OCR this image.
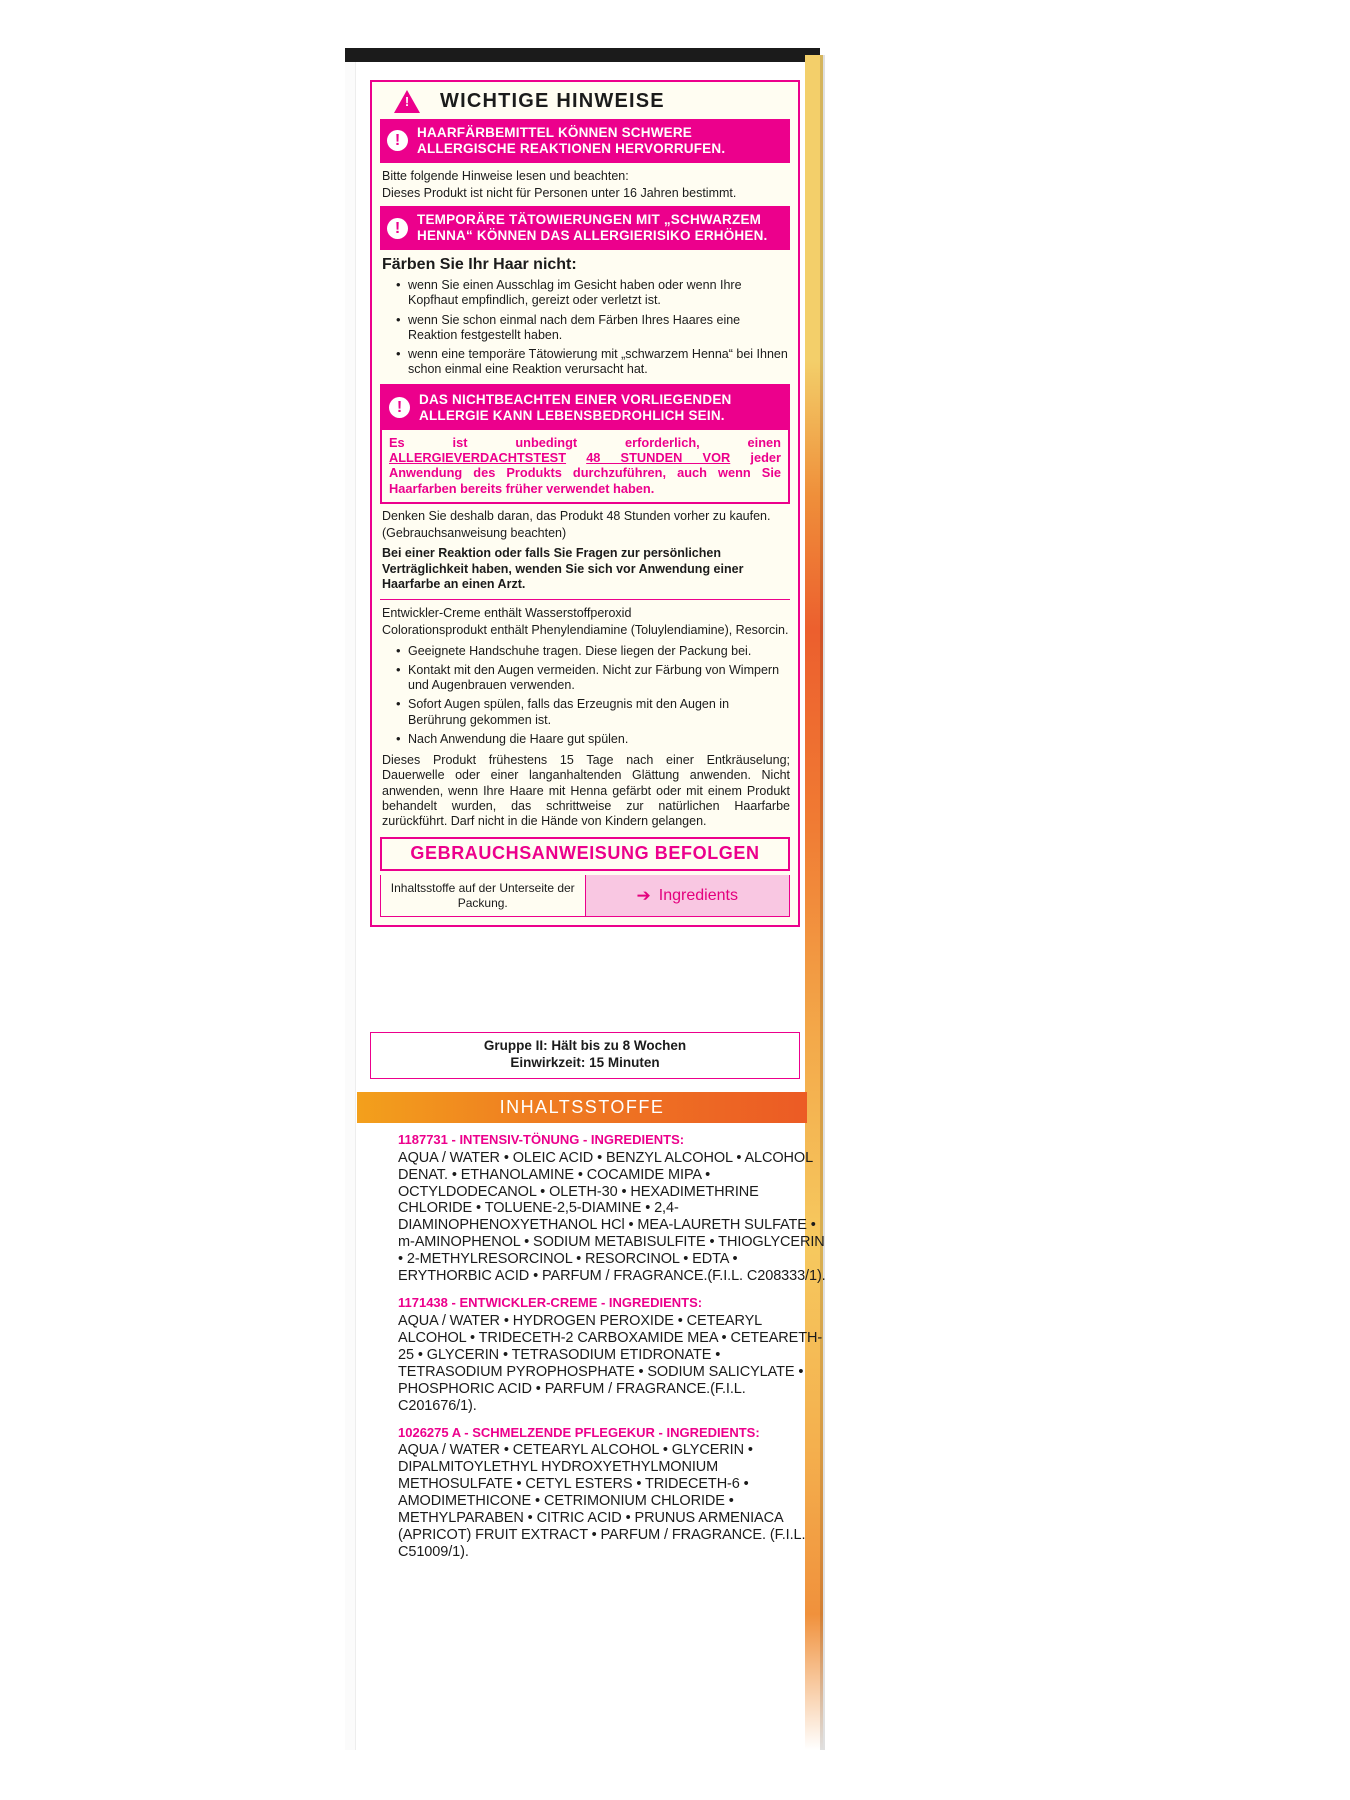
!
WICHTIGE HINWEISE
!	HAARFÄRBEMITTEL KÖNNEN SCHWERE ALLERGISCHE REAKTIONEN HERVORRUFEN.
Bitte folgende Hinweise lesen und beachten:
Dieses Produkt ist nicht für Personen unter 16 Jahren bestimmt.
!	TEMPORÄRE TÄTOWIERUNGEN MIT „SCHWARZEM HENNA“ KÖNNEN DAS ALLERGIERISIKO ERHÖHEN.
Färben Sie Ihr Haar nicht:
• wenn Sie einen Ausschlag im Gesicht haben oder wenn Ihre Kopfhaut empfindlich, gereizt oder verletzt ist.
• wenn Sie schon einmal nach dem Färben Ihres Haares eine Reaktion festgestellt haben.
• wenn eine temporäre Tätowierung mit „schwarzem Henna“ bei Ihnen schon einmal eine Reaktion verursacht hat.
!	DAS NICHTBEACHTEN EINER VORLIEGENDEN ALLERGIE KANN LEBENSBEDROHLICH SEIN.
Es ist unbedingt erforderlich, einen ALLERGIEVERDACHTSTEST 48 STUNDEN VOR jeder Anwendung des Produkts durchzuführen, auch wenn Sie Haarfarben bereits früher verwendet haben.
Denken Sie deshalb daran, das Produkt 48 Stunden vorher zu kaufen.
(Gebrauchsanweisung beachten)
Bei einer Reaktion oder falls Sie Fragen zur persönlichen Verträglichkeit haben, wenden Sie sich vor Anwendung einer Haarfarbe an einen Arzt.
Entwickler-Creme enthält Wasserstoffperoxid
Colorationsprodukt enthält Phenylendiamine (Toluylendiamine), Resorcin.
• Geeignete Handschuhe tragen. Diese liegen der Packung bei.
• Kontakt mit den Augen vermeiden. Nicht zur Färbung von Wimpern und Augenbrauen verwenden.
• Sofort Augen spülen, falls das Erzeugnis mit den Augen in Berührung gekommen ist.
• Nach Anwendung die Haare gut spülen.
Dieses Produkt frühestens 15 Tage nach einer Entkräuselung; Dauerwelle oder einer langanhaltenden Glättung anwenden. Nicht anwenden, wenn Ihre Haare mit Henna gefärbt oder mit einem Produkt behandelt wurden, das schrittweise zur natürlichen Haarfarbe zurückführt. Darf nicht in die Hände von Kindern gelangen.
GEBRAUCHSANWEISUNG BEFOLGEN
Inhaltsstoffe auf der Unterseite der Packung.	➔ Ingredients
Gruppe II: Hält bis zu 8 Wochen
Einwirkzeit: 15 Minuten
INHALTSSTOFFE
1187731 - INTENSIV-TÖNUNG - INGREDIENTS:
AQUA / WATER • OLEIC ACID • BENZYL ALCOHOL • ALCOHOL DENAT. • ETHANOLAMINE • COCAMIDE MIPA • OCTYLDODECANOL • OLETH-30 • HEXADIMETHRINE CHLORIDE • TOLUENE-2,5-DIAMINE • 2,4-DIAMINOPHENOXYETHANOL HCl • MEA-LAURETH SULFATE • m-AMINOPHENOL • SODIUM METABISULFITE • THIOGLYCERIN • 2-METHYLRESORCINOL • RESORCINOL • EDTA • ERYTHORBIC ACID • PARFUM / FRAGRANCE.(F.I.L. C208333/1).
1171438 - ENTWICKLER-CREME - INGREDIENTS:
AQUA / WATER • HYDROGEN PEROXIDE • CETEARYL ALCOHOL • TRIDECETH-2 CARBOXAMIDE MEA • CETEARETH-25 • GLYCERIN • TETRASODIUM ETIDRONATE • TETRASODIUM PYROPHOSPHATE • SODIUM SALICYLATE • PHOSPHORIC ACID • PARFUM / FRAGRANCE.(F.I.L. C201676/1).
1026275 A - SCHMELZENDE PFLEGEKUR - INGREDIENTS:
AQUA / WATER • CETEARYL ALCOHOL • GLYCERIN • DIPALMITOYLETHYL HYDROXYETHYLMONIUM METHOSULFATE • CETYL ESTERS • TRIDECETH-6 • AMODIMETHICONE • CETRIMONIUM CHLORIDE • METHYLPARABEN • CITRIC ACID • PRUNUS ARMENIACA (APRICOT) FRUIT EXTRACT • PARFUM / FRAGRANCE. (F.I.L. C51009/1).
